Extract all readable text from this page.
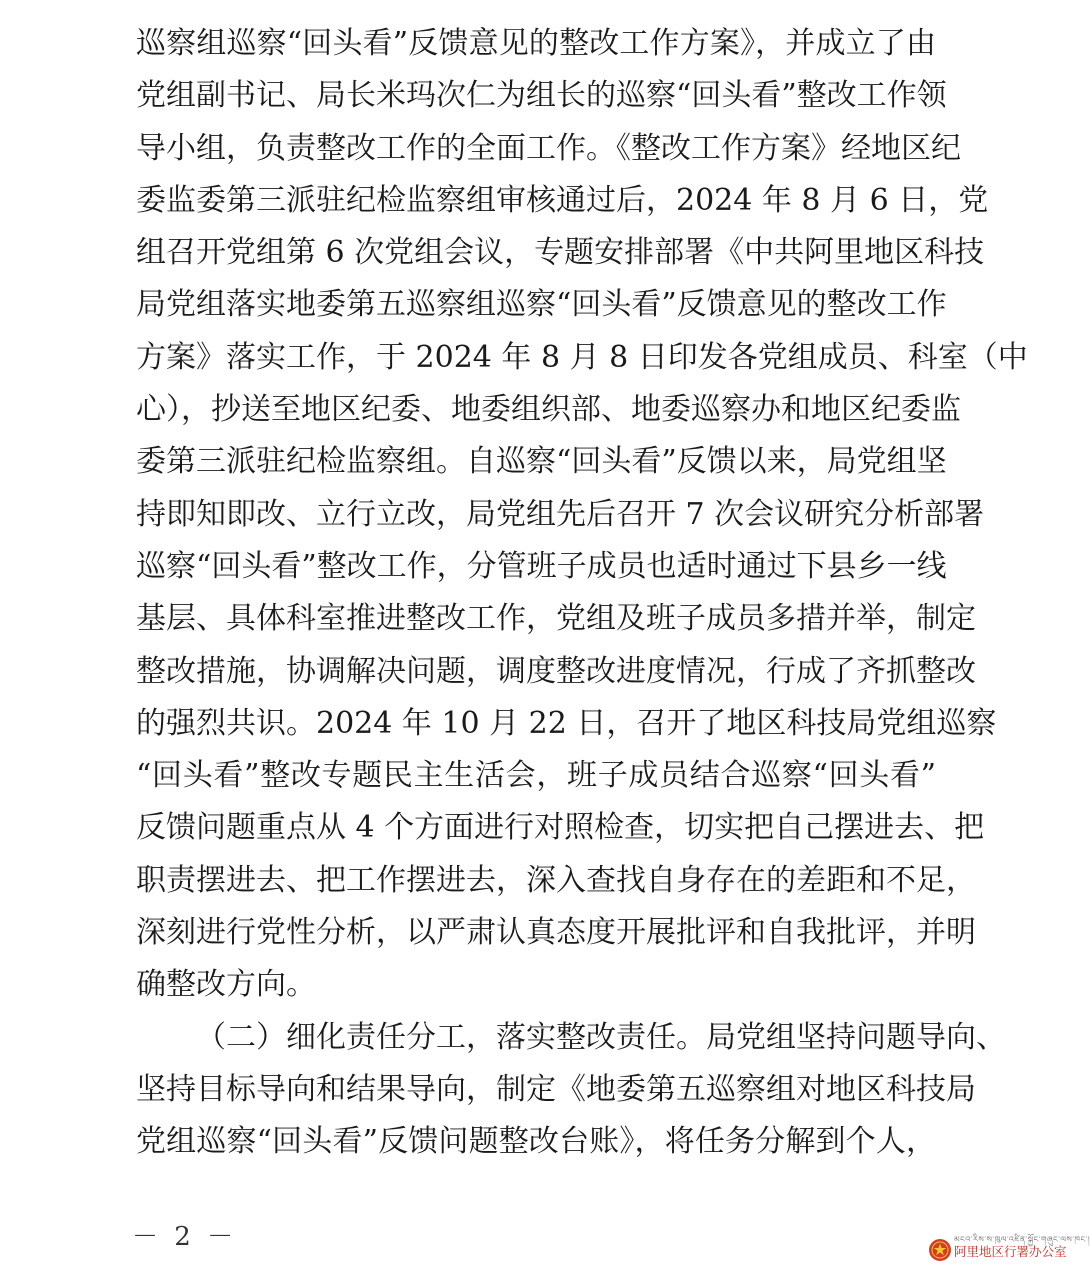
巡察组巡察“回头看”反馈意见的整改工作方案》，并成立了由
党组副书记、局长米玛次仁为组长的巡察“回头看”整改工作领
导小组，负责整改工作的全面工作。《整改工作方案》经地区纪
委监委第三派驻纪检监察组审核通过后，2024 年 8 月 6 日，党
组召开党组第 6 次党组会议，专题安排部署《中共阿里地区科技
局党组落实地委第五巡察组巡察“回头看”反馈意见的整改工作
方案》落实工作，于 2024 年 8 月 8 日印发各党组成员、科室（中
心），抄送至地区纪委、地委组织部、地委巡察办和地区纪委监
委第三派驻纪检监察组。自巡察“回头看”反馈以来，局党组坚
持即知即改、立行立改，局党组先后召开 7 次会议研究分析部署
巡察“回头看”整改工作，分管班子成员也适时通过下县乡一线
基层、具体科室推进整改工作，党组及班子成员多措并举，制定
整改措施，协调解决问题，调度整改进度情况，行成了齐抓整改
的强烈共识。2024 年 10 月 22 日，召开了地区科技局党组巡察
“回头看”整改专题民主生活会，班子成员结合巡察“回头看”
反馈问题重点从 4 个方面进行对照检查，切实把自己摆进去、把
职责摆进去、把工作摆进去，深入查找自身存在的差距和不足，
深刻进行党性分析，以严肃认真态度开展批评和自我批评，并明
确整改方向。
（二）细化责任分工，落实整改责任。局党组坚持问题导向、
坚持目标导向和结果导向，制定《地委第五巡察组对地区科技局
党组巡察“回头看”反馈问题整改台账》，将任务分解到个人，
－ 2 －	མངའ་རིས་ས་ཁུལ་འཛིན་སྐྱོང་གཞུང་ལས་ཁང་།
阿里地区行署办公室
